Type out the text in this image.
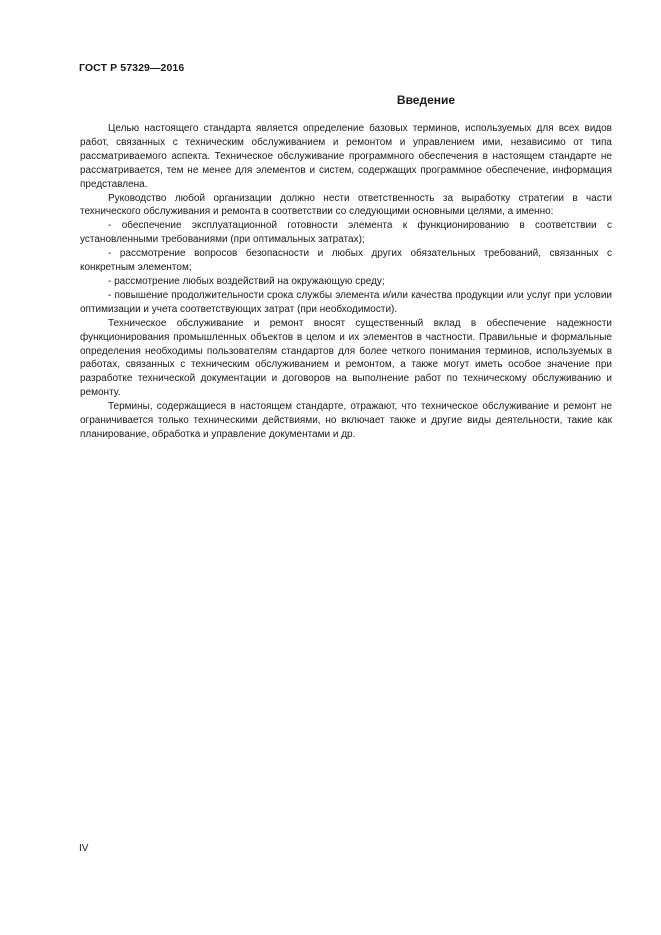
ГОСТ Р 57329—2016
Введение

Целью настоящего стандарта является определение базовых терминов, используемых для всех видов работ, связанных с техническим обслуживанием и ремонтом и управлением ими, независимо от типа рассматриваемого аспекта. Техническое обслуживание программного обеспечения в настоящем стандарте не рассматривается, тем не менее для элементов и систем, содержащих программное обеспечение, информация представлена.

Руководство любой организации должно нести ответственность за выработку стратегии в части технического обслуживания и ремонта в соответствии со следующими основными целями, а именно:

- обеспечение эксплуатационной готовности элемента к функционированию в соответствии с установленными требованиями (при оптимальных затратах);

- рассмотрение вопросов безопасности и любых других обязательных требований, связанных с конкретным элементом;

- рассмотрение любых воздействий на окружающую среду;

- повышение продолжительности срока службы элемента и/или качества продукции или услуг при условии оптимизации и учета соответствующих затрат (при необходимости).

Техническое обслуживание и ремонт вносят существенный вклад в обеспечение надежности функционирования промышленных объектов в целом и их элементов в частности. Правильные и формальные определения необходимы пользователям стандартов для более четкого понимания терминов, используемых в работах, связанных с техническим обслуживанием и ремонтом, а также могут иметь особое значение при разработке технической документации и договоров на выполнение работ по техническому обслуживанию и ремонту.

Термины, содержащиеся в настоящем стандарте, отражают, что техническое обслуживание и ремонт не ограничивается только техническими действиями, но включает также и другие виды деятельности, такие как планирование, обработка и управление документами и др.

IV
